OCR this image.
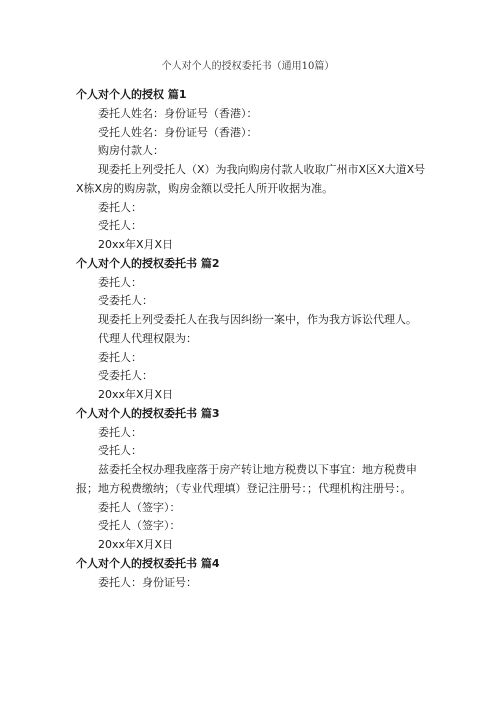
个人对个人的授权委托书（通用10篇）
个人对个人的授权 篇1
委托人姓名：身份证号（香港）：
受托人姓名：身份证号（香港）：
购房付款人：
现委托上列受托人（X）为我向购房付款人收取广州市X区X大道X号X栋X房的购房款，购房金额以受托人所开收据为准。
委托人：
受托人：
20xx年X月X日
个人对个人的授权委托书 篇2
委托人：
受委托人：
现委托上列受委托人在我与因纠纷一案中，作为我方诉讼代理人。
代理人代理权限为：
委托人：
受委托人：
20xx年X月X日
个人对个人的授权委托书 篇3
委托人：
受托人：
兹委托全权办理我座落于房产转让地方税费以下事宜：地方税费申报；地方税费缴纳；（专业代理填）登记注册号：；代理机构注册号：。
委托人（签字）：
受托人（签字）：
20xx年X月X日
个人对个人的授权委托书 篇4
委托人：身份证号：
